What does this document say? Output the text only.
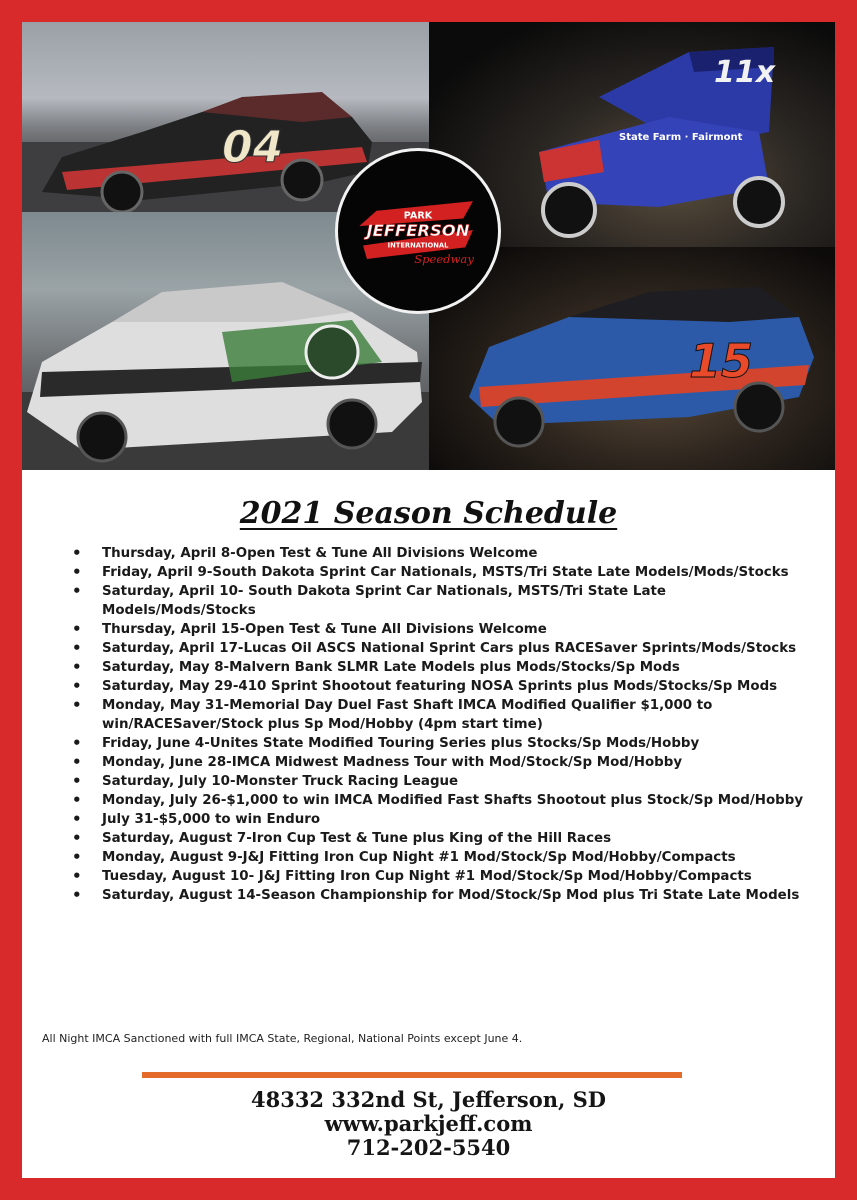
04
11x
State Farm · Fairmont
15
PARK
JEFFERSON
INTERNATIONAL
Speedway
2021 Season Schedule
• Thursday, April 8-Open Test & Tune All Divisions Welcome
• Friday, April 9-South Dakota Sprint Car Nationals, MSTS/Tri State Late Models/Mods/Stocks
• Saturday, April 10- South Dakota Sprint Car Nationals, MSTS/Tri State Late Models/Mods/Stocks
• Thursday, April 15-Open Test & Tune All Divisions Welcome
• Saturday, April 17-Lucas Oil ASCS National Sprint Cars plus RACESaver Sprints/Mods/Stocks
• Saturday, May 8-Malvern Bank SLMR Late Models plus Mods/Stocks/Sp Mods
• Saturday, May 29-410 Sprint Shootout featuring NOSA Sprints plus Mods/Stocks/Sp Mods
• Monday, May 31-Memorial Day Duel Fast Shaft IMCA Modified Qualifier $1,000 to win/RACESaver/Stock plus Sp Mod/Hobby (4pm start time)
• Friday, June 4-Unites State Modified Touring Series plus Stocks/Sp Mods/Hobby
• Monday, June 28-IMCA Midwest Madness Tour with Mod/Stock/Sp Mod/Hobby
• Saturday, July 10-Monster Truck Racing League
• Monday, July 26-$1,000 to win IMCA Modified Fast Shafts Shootout plus Stock/Sp Mod/Hobby
• July 31-$5,000 to win Enduro
• Saturday, August 7-Iron Cup Test & Tune plus King of the Hill Races
• Monday, August 9-J&J Fitting Iron Cup Night #1 Mod/Stock/Sp Mod/Hobby/Compacts
• Tuesday, August 10- J&J Fitting Iron Cup Night #1 Mod/Stock/Sp Mod/Hobby/Compacts
• Saturday, August 14-Season Championship for Mod/Stock/Sp Mod plus Tri State Late Models

All Night IMCA Sanctioned with full IMCA State, Regional, National Points except June 4.

48332 332nd St, Jefferson, SD
www.parkjeff.com
712-202-5540
